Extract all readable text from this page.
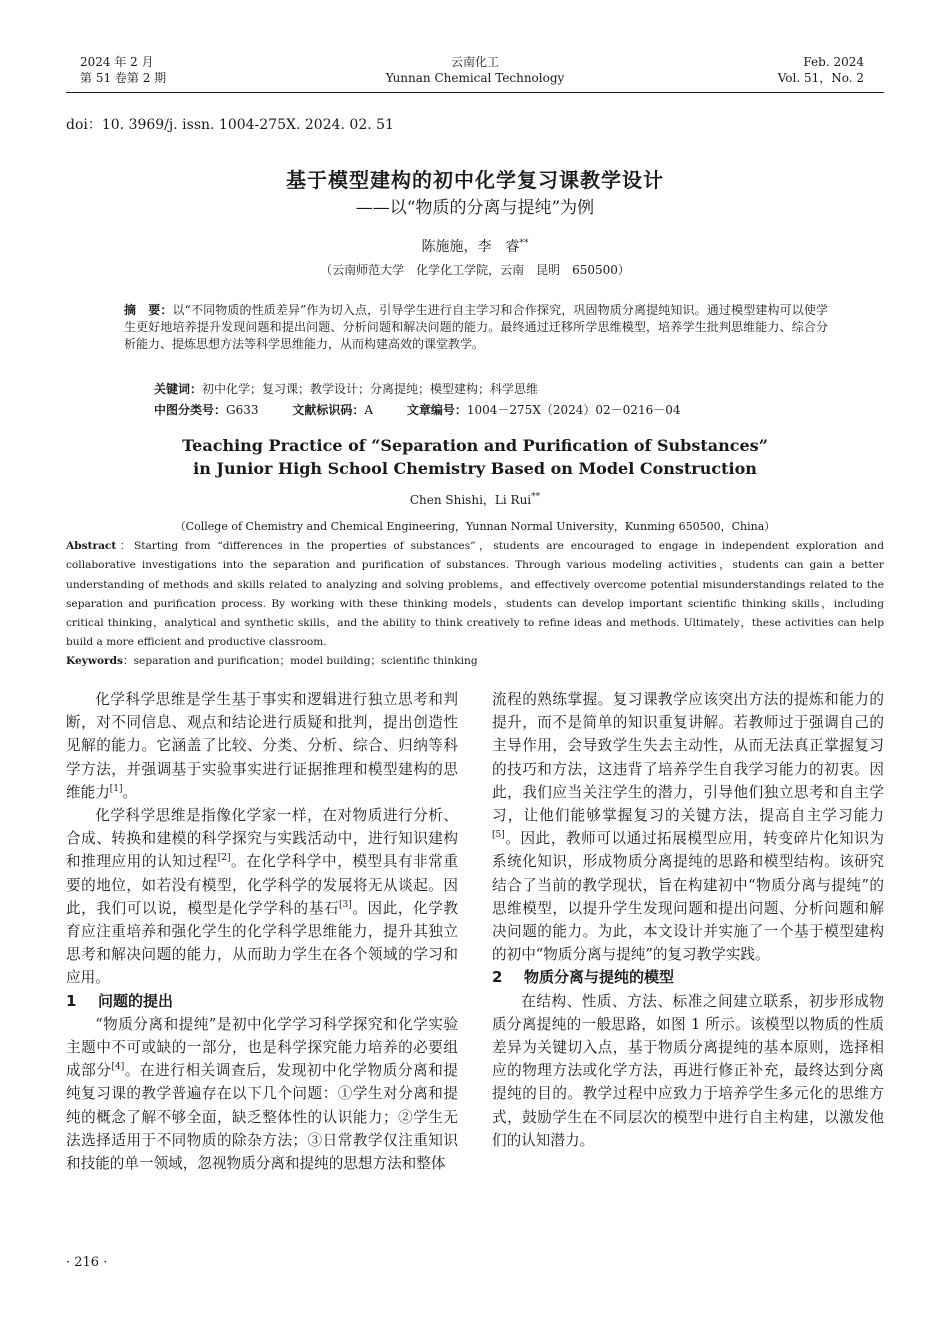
2024 年 2 月
第 51 卷第 2 期
云南化工
Yunnan Chemical Technology
Feb. 2024
Vol. 51，No. 2
doi：10. 3969/j. issn. 1004-275X. 2024. 02. 51
基于模型建构的初中化学复习课教学设计
——以“物质的分离与提纯”为例
陈施施，李　睿**
（云南师范大学　化学化工学院，云南　昆明　650500）
摘　要：以“不同物质的性质差异”作为切入点，引导学生进行自主学习和合作探究，巩固物质分离提纯知识。通过模型建构可以使学生更好地培养提升发现问题和提出问题、分析问题和解决问题的能力。最终通过迁移所学思维模型，培养学生批判思维能力、综合分析能力、提炼思想方法等科学思维能力，从而构建高效的课堂教学。
关键词：初中化学；复习课；教学设计；分离提纯；模型建构；科学思维
中图分类号：G633	文献标识码：A	文章编号：1004－275X（2024）02－0216－04
Teaching Practice of “Separation and Purification of Substances”
in Junior High School Chemistry Based on Model Construction
Chen Shishi，Li Rui**
（College of Chemistry and Chemical Engineering，Yunnan Normal University，Kunming 650500，China）
Abstract：Starting from “differences in the properties of substances”，students are encouraged to engage in independent exploration and collaborative investigations into the separation and purification of substances. Through various modeling activities，students can gain a better understanding of methods and skills related to analyzing and solving problems，and effectively overcome potential misunderstandings related to the separation and purification process. By working with these thinking models，students can develop important scientific thinking skills，including critical thinking，analytical and synthetic skills，and the ability to think creatively to refine ideas and methods. Ultimately，these activities can help build a more efficient and productive classroom.
Keywords：separation and purification；model building；scientific thinking

化学科学思维是学生基于事实和逻辑进行独立思考和判断，对不同信息、观点和结论进行质疑和批判，提出创造性见解的能力。它涵盖了比较、分类、分析、综合、归纳等科学方法，并强调基于实验事实进行证据推理和模型建构的思维能力[1]。

化学科学思维是指像化学家一样，在对物质进行分析、合成、转换和建模的科学探究与实践活动中，进行知识建构和推理应用的认知过程[2]。在化学科学中，模型具有非常重要的地位，如若没有模型，化学科学的发展将无从谈起。因此，我们可以说，模型是化学学科的基石[3]。因此，化学教育应注重培养和强化学生的化学科学思维能力，提升其独立思考和解决问题的能力，从而助力学生在各个领域的学习和应用。

1 问题的提出

“物质分离和提纯”是初中化学学习科学探究和化学实验主题中不可或缺的一部分，也是科学探究能力培养的必要组成部分[4]。在进行相关调查后，发现初中化学物质分离和提纯复习课的教学普遍存在以下几个问题：①学生对分离和提纯的概念了解不够全面，缺乏整体性的认识能力；②学生无法选择适用于不同物质的除杂方法；③日常教学仅注重知识和技能的单一领域，忽视物质分离和提纯的思想方法和整体

流程的熟练掌握。复习课教学应该突出方法的提炼和能力的提升，而不是简单的知识重复讲解。若教师过于强调自己的主导作用，会导致学生失去主动性，从而无法真正掌握复习的技巧和方法，这违背了培养学生自我学习能力的初衷。因此，我们应当关注学生的潜力，引导他们独立思考和自主学习，让他们能够掌握复习的关键方法，提高自主学习能力[5]。因此，教师可以通过拓展模型应用，转变碎片化知识为系统化知识，形成物质分离提纯的思路和模型结构。该研究结合了当前的教学现状，旨在构建初中“物质分离与提纯”的思维模型，以提升学生发现问题和提出问题、分析问题和解决问题的能力。为此，本文设计并实施了一个基于模型建构的初中“物质分离与提纯”的复习教学实践。

2 物质分离与提纯的模型

在结构、性质、方法、标准之间建立联系，初步形成物质分离提纯的一般思路，如图 1 所示。该模型以物质的性质差异为关键切入点，基于物质分离提纯的基本原则，选择相应的物理方法或化学方法，再进行修正补充，最终达到分离提纯的目的。教学过程中应致力于培养学生多元化的思维方式，鼓励学生在不同层次的模型中进行自主构建，以激发他们的认知潜力。

· 216 ·
